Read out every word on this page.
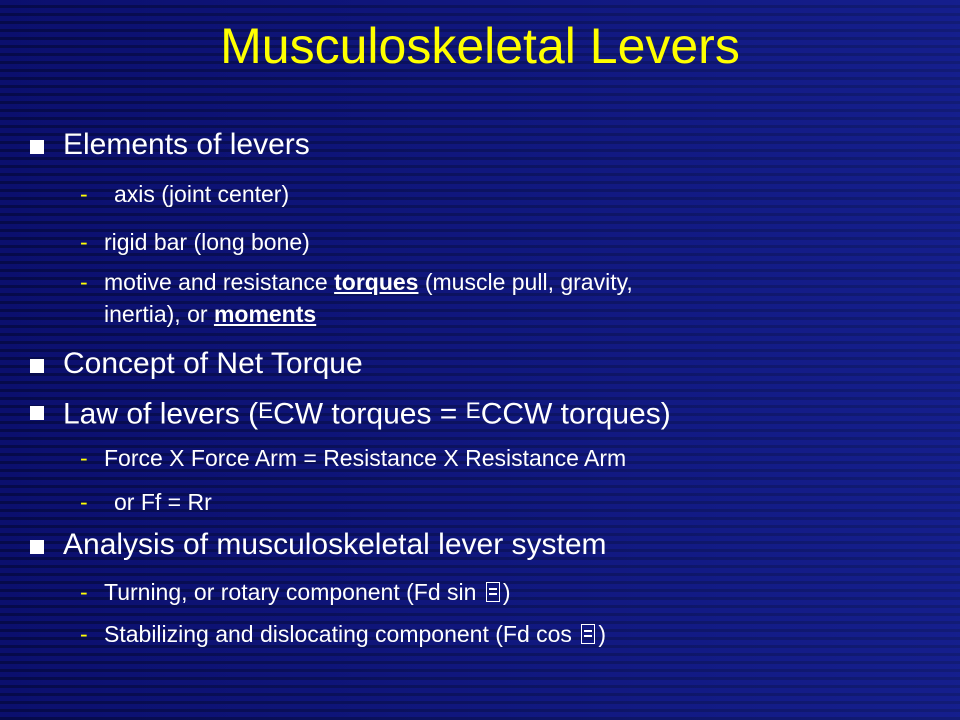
Musculoskeletal Levers
Elements of levers
- axis (joint center)
- rigid bar (long bone)
- motive and resistance torques (muscle pull, gravity,
inertia), or moments
Concept of Net Torque
Law of levers (ECW torques = ECCW torques)
- Force X Force Arm = Resistance X Resistance Arm
- or Ff = Rr
Analysis of musculoskeletal lever system
- Turning, or rotary component (Fd sin )
- Stabilizing and dislocating component (Fd cos )
